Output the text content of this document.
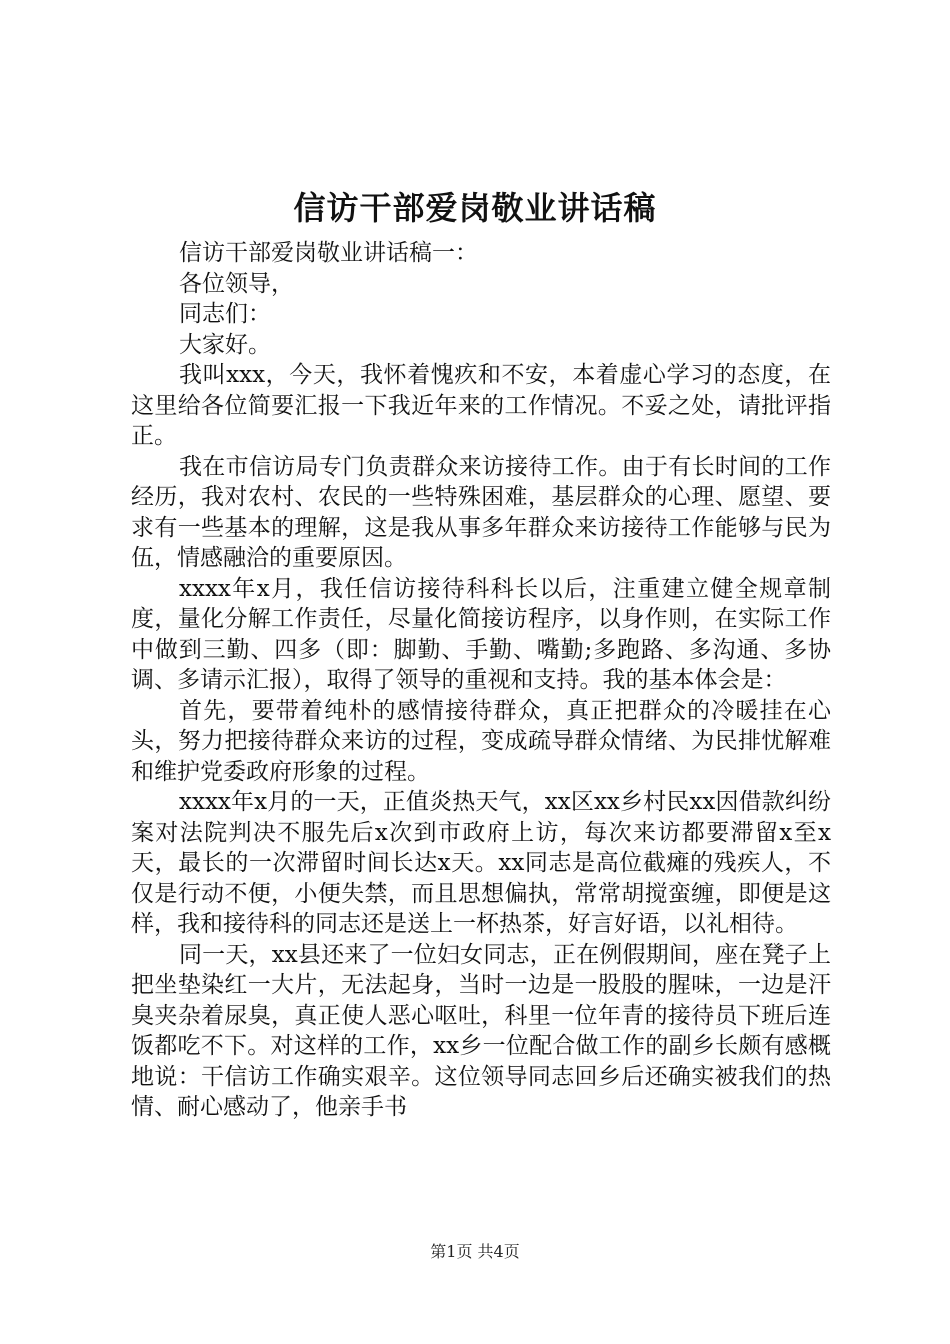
信访干部爱岗敬业讲话稿

信访干部爱岗敬业讲话稿一：

各位领导，

同志们：

大家好。

我叫xxx，今天，我怀着愧疚和不安，本着虚心学习的态度，在这里给各位简要汇报一下我近年来的工作情况。不妥之处，请批评指正。

我在市信访局专门负责群众来访接待工作。由于有长时间的工作经历，我对农村、农民的一些特殊困难，基层群众的心理、愿望、要求有一些基本的理解，这是我从事多年群众来访接待工作能够与民为伍，情感融洽的重要原因。

xxxx年x月，我任信访接待科科长以后，注重建立健全规章制度，量化分解工作责任，尽量化简接访程序，以身作则，在实际工作中做到三勤、四多（即：脚勤、手勤、嘴勤;多跑路、多沟通、多协调、多请示汇报），取得了领导的重视和支持。我的基本体会是：

首先，要带着纯朴的感情接待群众，真正把群众的冷暖挂在心头，努力把接待群众来访的过程，变成疏导群众情绪、为民排忧解难和维护党委政府形象的过程。

xxxx年x月的一天，正值炎热天气，xx区xx乡村民xx因借款纠纷案对法院判决不服先后x次到市政府上访，每次来访都要滞留x至x天，最长的一次滞留时间长达x天。xx同志是高位截瘫的残疾人，不仅是行动不便，小便失禁，而且思想偏执，常常胡搅蛮缠，即便是这样，我和接待科的同志还是送上一杯热茶，好言好语，以礼相待。

同一天，xx县还来了一位妇女同志，正在例假期间，座在凳子上把坐垫染红一大片，无法起身，当时一边是一股股的腥味，一边是汗臭夹杂着尿臭，真正使人恶心呕吐，科里一位年青的接待员下班后连饭都吃不下。对这样的工作，xx乡一位配合做工作的副乡长颇有感概地说：干信访工作确实艰辛。这位领导同志回乡后还确实被我们的热情、耐心感动了，他亲手书

第1页 共4页
